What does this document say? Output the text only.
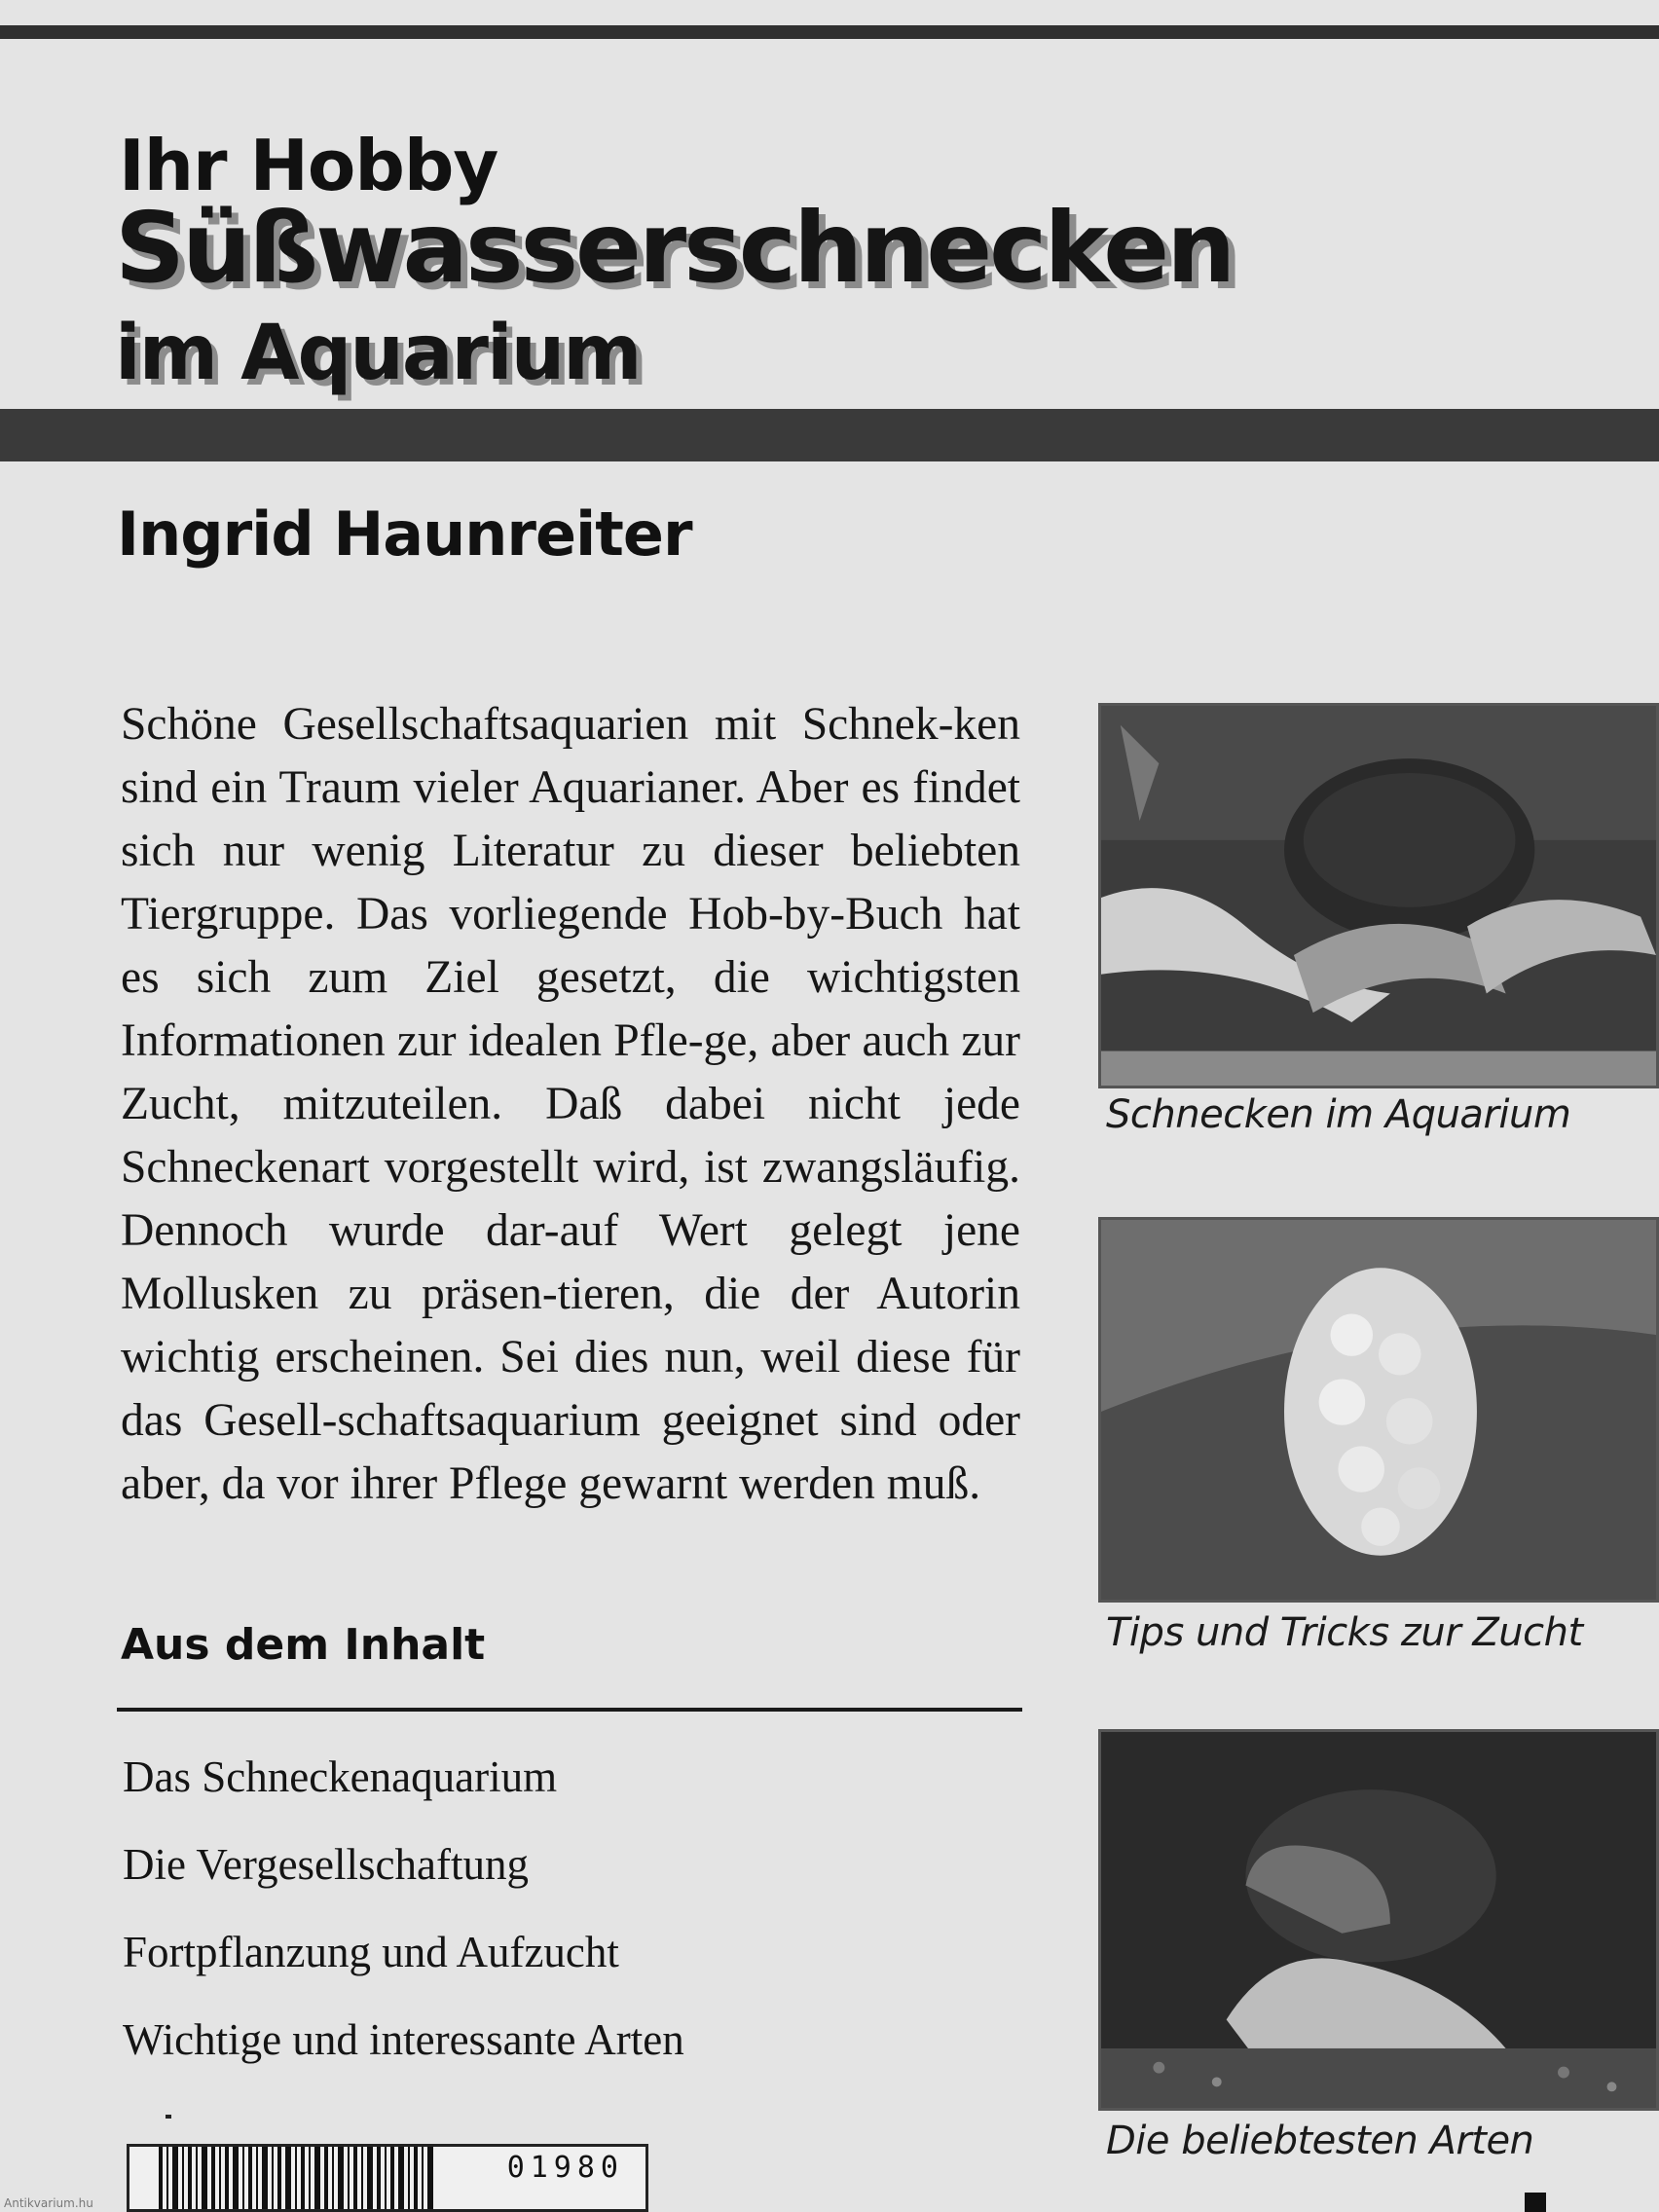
Ihr Hobby
Süßwasserschnecken
im Aquarium
Ingrid Haunreiter

Schöne Gesellschaftsaquarien mit Schnek-ken sind ein Traum vieler Aquarianer. Aber es findet sich nur wenig Literatur zu dieser beliebten Tiergruppe. Das vorliegende Hob-by-Buch hat es sich zum Ziel gesetzt, die wichtigsten Informationen zur idealen Pfle-ge, aber auch zur Zucht, mitzuteilen. Daß dabei nicht jede Schneckenart vorgestellt wird, ist zwangsläufig. Dennoch wurde dar-auf Wert gelegt jene Mollusken zu präsen-tieren, die der Autorin wichtig erscheinen. Sei dies nun, weil diese für das Gesell-schaftsaquarium geeignet sind oder aber, da vor ihrer Pflege gewarnt werden muß.

Aus dem Inhalt
Das Schneckenaquarium
Die Vergesellschaftung
Fortpflanzung und Aufzucht
Wichtige und interessante Arten

Schnecken im Aquarium

Tips und Tricks zur Zucht

Die beliebtesten Arten

01980
Antikvarium.hu
